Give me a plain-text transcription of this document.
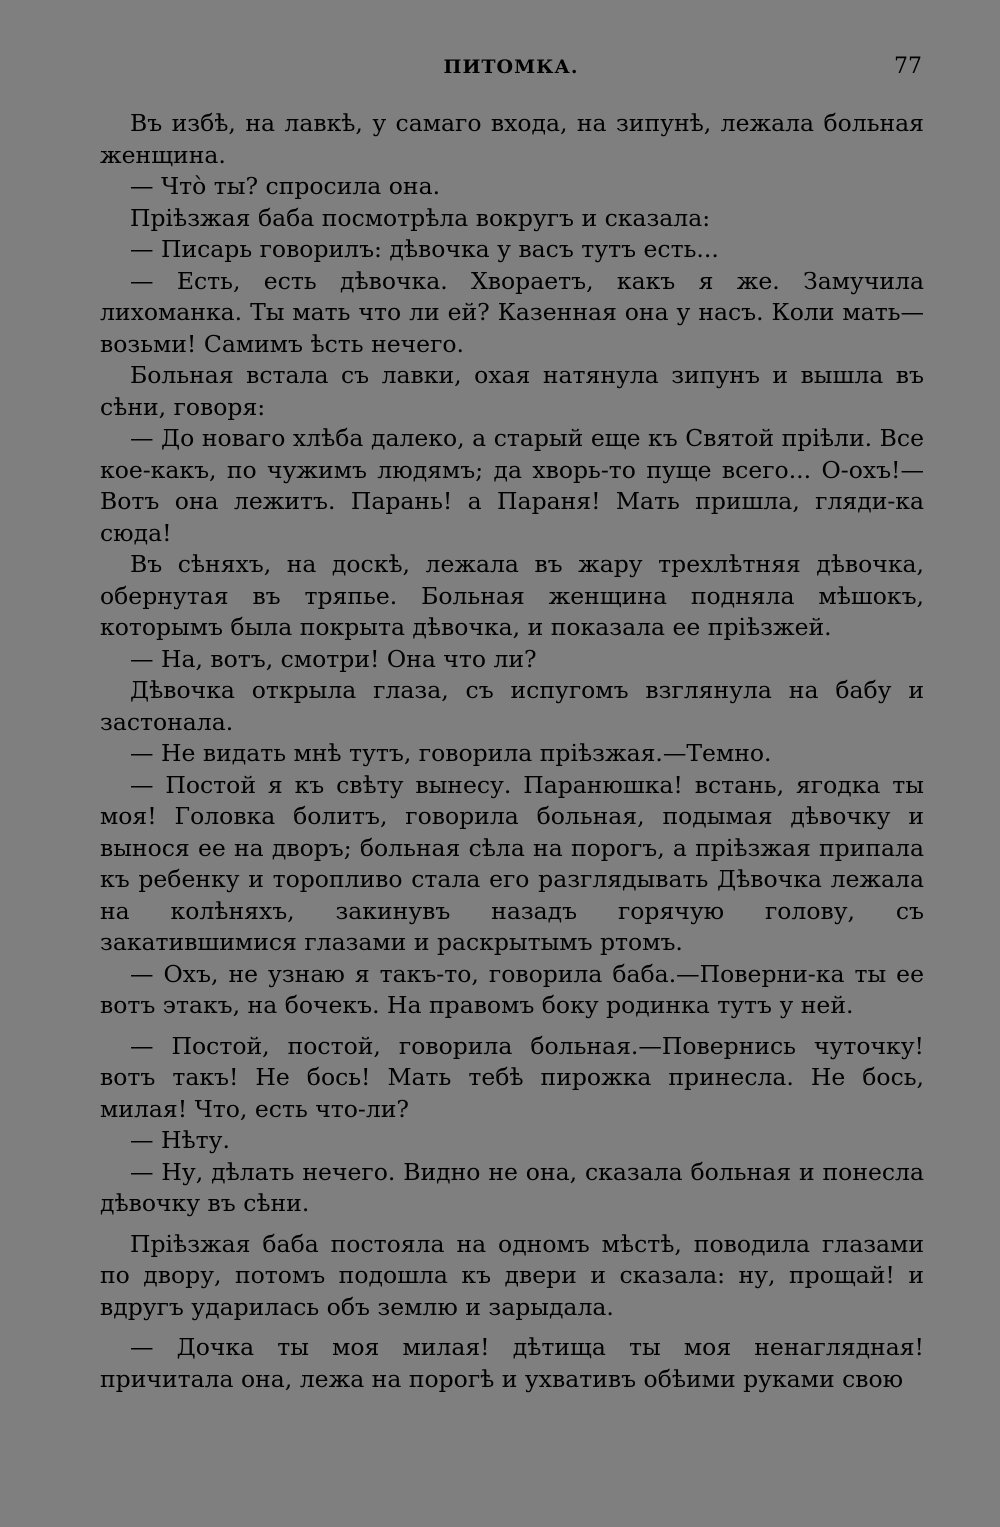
ПИТОМКА.	77

Въ избѣ, на лавкѣ, у самаго входа, на зипунѣ, лежала больная женщина.

— Чтò ты? спросила она.

Пріѣзжая баба посмотрѣла вокругъ и сказала:

— Писарь говорилъ: дѣвочка у васъ тутъ есть...

— Есть, есть дѣвочка. Хвораетъ, какъ я же. Замучила лихоманка. Ты мать что ли ей? Казенная она у насъ. Коли мать—возьми! Самимъ ѣсть нечего.

Больная встала съ лавки, охая натянула зипунъ и вышла въ сѣни, говоря:

— До новаго хлѣба далеко, а старый еще къ Святой пріѣли. Все кое-какъ, по чужимъ людямъ; да хворь-то пуще всего... О-охъ!—Вотъ она лежитъ. Парань! а Параня! Мать пришла, гляди-ка сюда!

Въ сѣняхъ, на доскѣ, лежала въ жару трехлѣтняя дѣвочка, обернутая въ тряпье. Больная женщина подняла мѣшокъ, которымъ была покрыта дѣвочка, и показала ее пріѣзжей.

— На, вотъ, смотри! Она что ли?

Дѣвочка открыла глаза, съ испугомъ взглянула на бабу и застонала.

— Не видать мнѣ тутъ, говорила пріѣзжая.—Темно.

— Постой я къ свѣту вынесу. Паранюшка! встань, ягодка ты моя! Головка болитъ, говорила больная, подымая дѣвочку и вынося ее на дворъ; больная сѣла на порогъ, а пріѣзжая припала къ ребенку и торопливо стала его разглядывать Дѣвочка лежала на колѣняхъ, закинувъ назадъ горячую голову, съ закатившимися глазами и раскрытымъ ртомъ.

— Охъ, не узнаю я такъ-то, говорила баба.—Поверни-ка ты ее вотъ этакъ, на бочекъ. На правомъ боку родинка тутъ у ней.

— Постой, постой, говорила больная.—Повернись чуточку! вотъ такъ! Не бось! Мать тебѣ пирожка принесла. Не бось, милая! Что, есть что-ли?

— Нѣту.

— Ну, дѣлать нечего. Видно не она, сказала больная и понесла дѣвочку въ сѣни.

Пріѣзжая баба постояла на одномъ мѣстѣ, поводила глазами по двору, потомъ подошла къ двери и сказала: ну, прощай! и вдругъ ударилась объ землю и зарыдала.

— Дочка ты моя милая! дѣтища ты моя ненаглядная! причитала она, лежа на порогѣ и ухвативъ обѣими руками свою
